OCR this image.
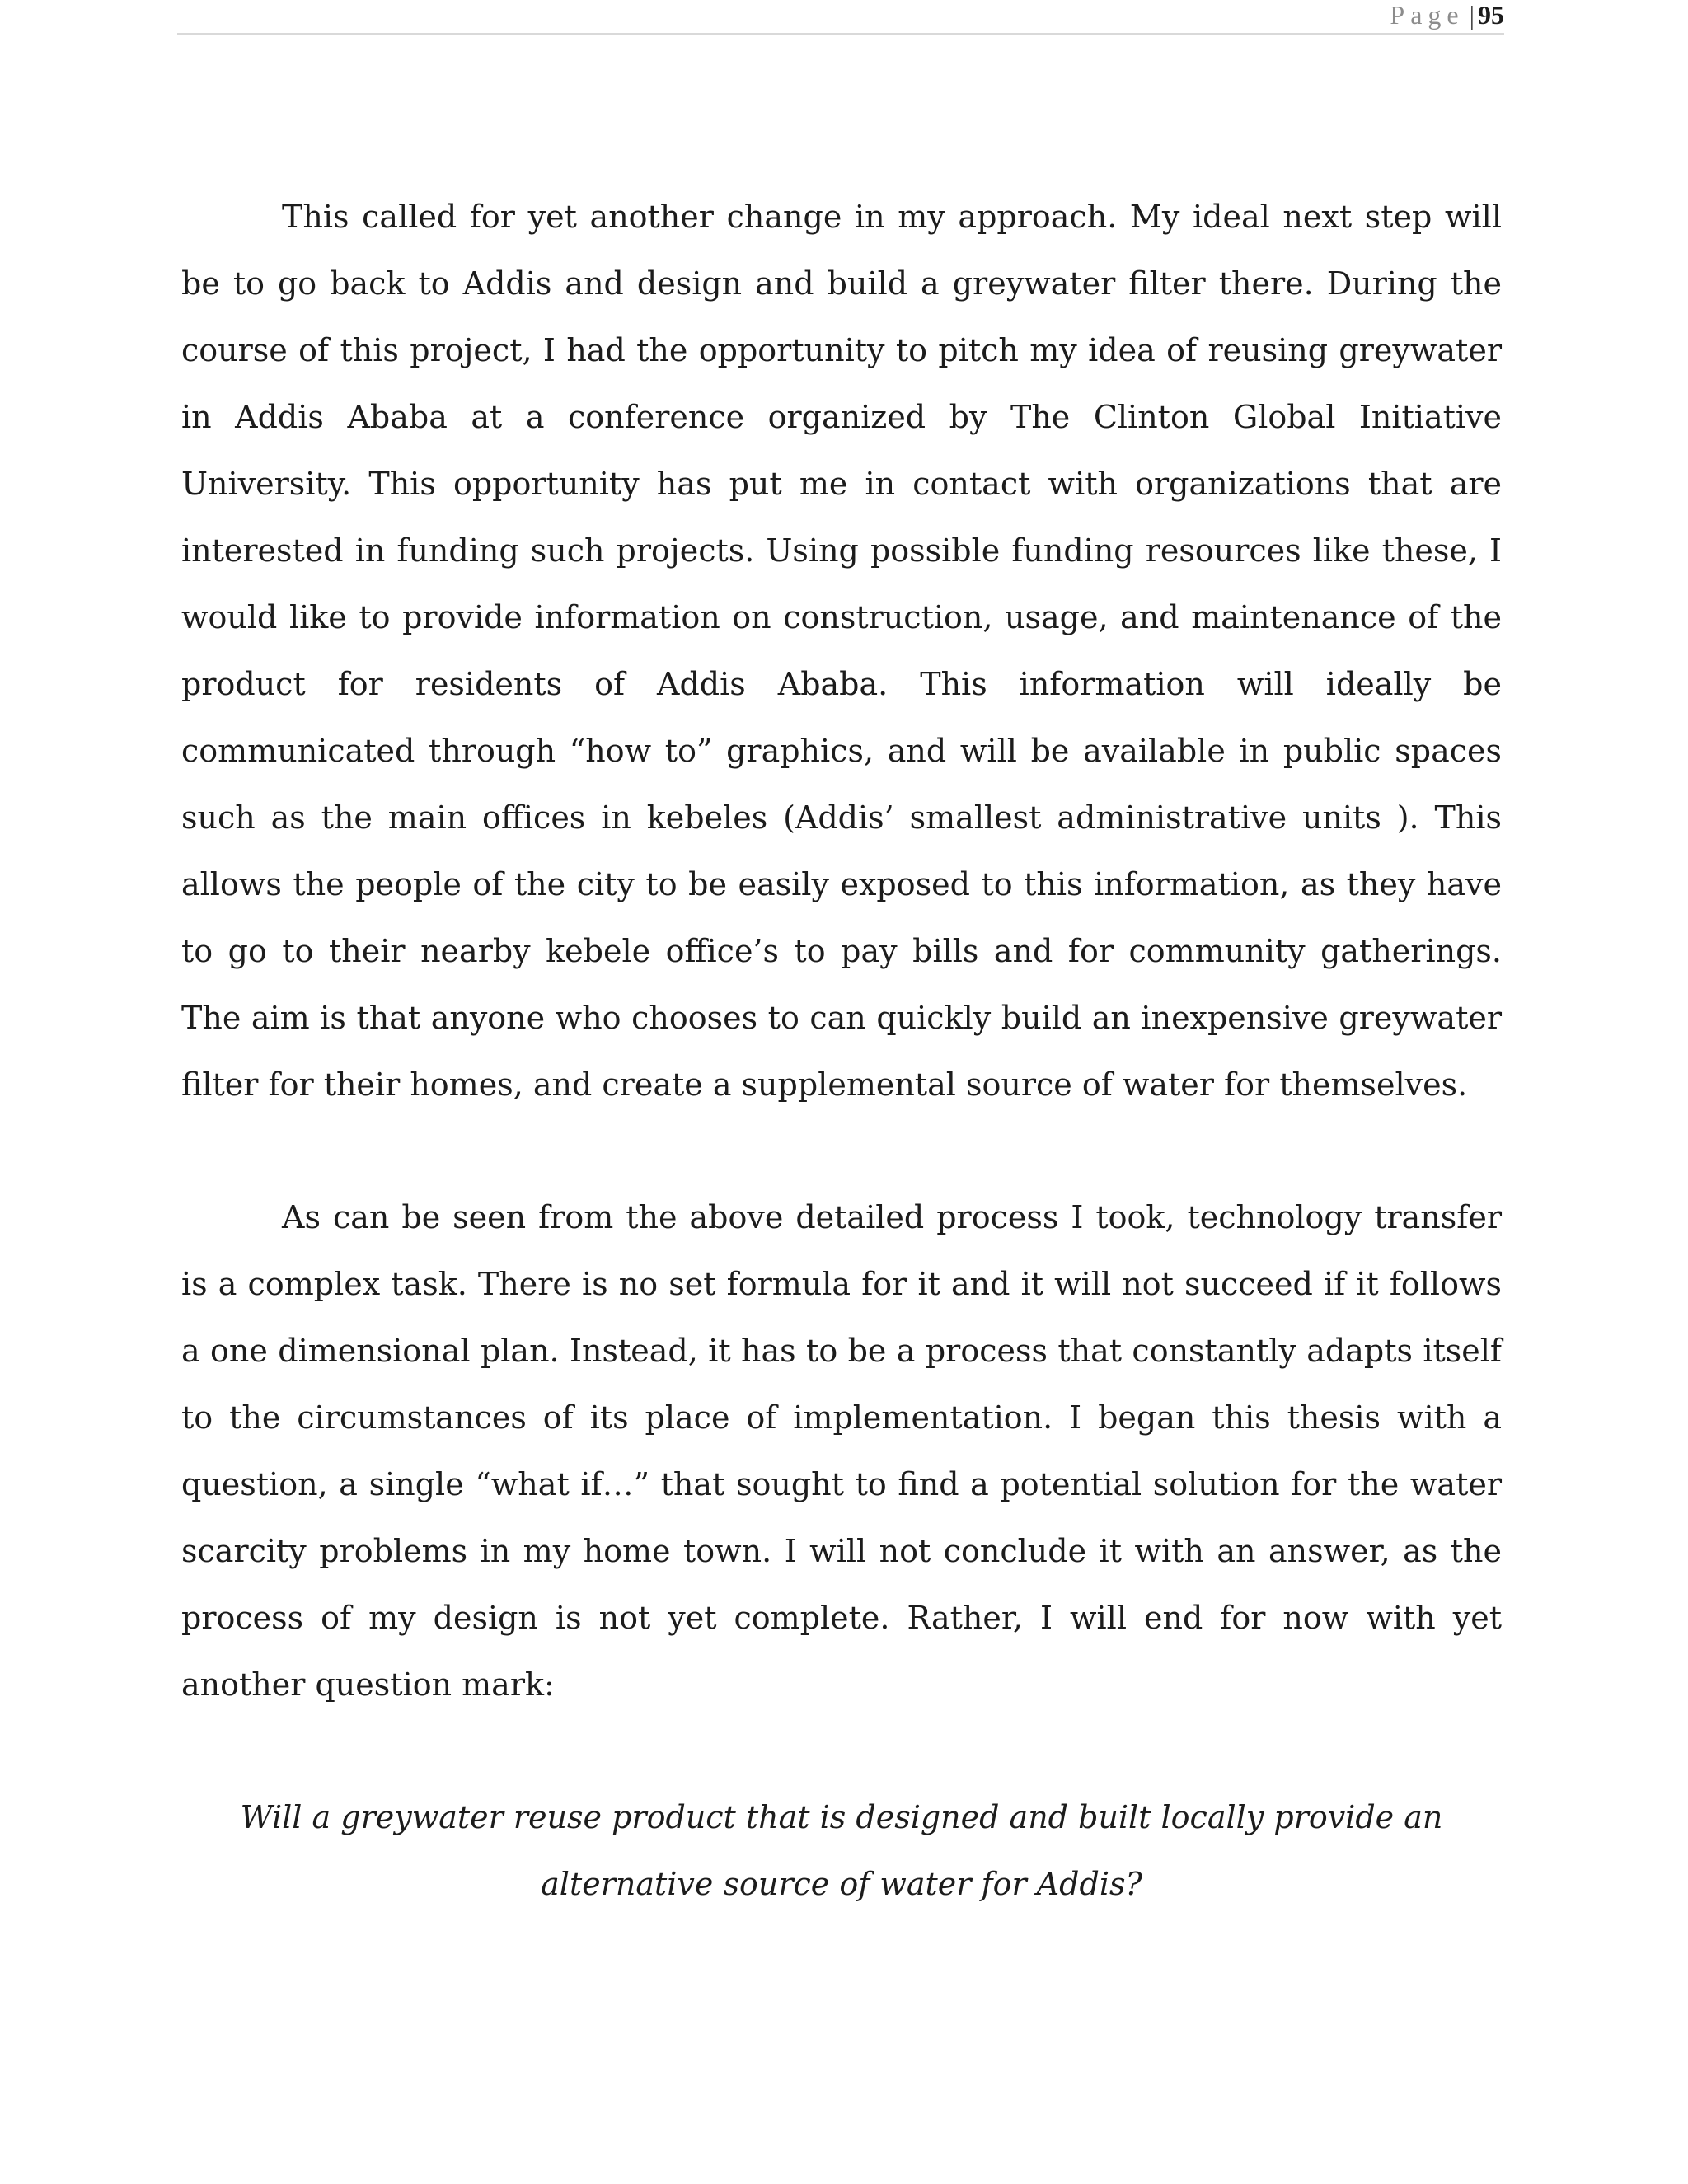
Page | 95

This called for yet another change in my approach. My ideal next step will be to go back to Addis and design and build a greywater filter there. During the course of this project, I had the opportunity to pitch my idea of reusing greywater in Addis Ababa at a conference organized by The Clinton Global Initiative University. This opportunity has put me in contact with organizations that are interested in funding such projects. Using possible funding resources like these, I would like to provide information on construction, usage, and maintenance of the product for residents of Addis Ababa. This information will ideally be communicated through “how to” graphics, and will be available in public spaces such as the main offices in kebeles (Addis’ smallest administrative units ). This allows the people of the city to be easily exposed to this information, as they have to go to their nearby kebele office’s to pay bills and for community gatherings. The aim is that anyone who chooses to can quickly build an inexpensive greywater filter for their homes, and create a supplemental source of water for themselves.

As can be seen from the above detailed process I took, technology transfer is a complex task. There is no set formula for it and it will not succeed if it follows a one dimensional plan. Instead, it has to be a process that constantly adapts itself to the circumstances of its place of implementation. I began this thesis with a question, a single “what if…” that sought to find a potential solution for the water scarcity problems in my home town. I will not conclude it with an answer, as the process of my design is not yet complete. Rather, I will end for now with yet another question mark:

Will a greywater reuse product that is designed and built locally provide an alternative source of water for Addis?
